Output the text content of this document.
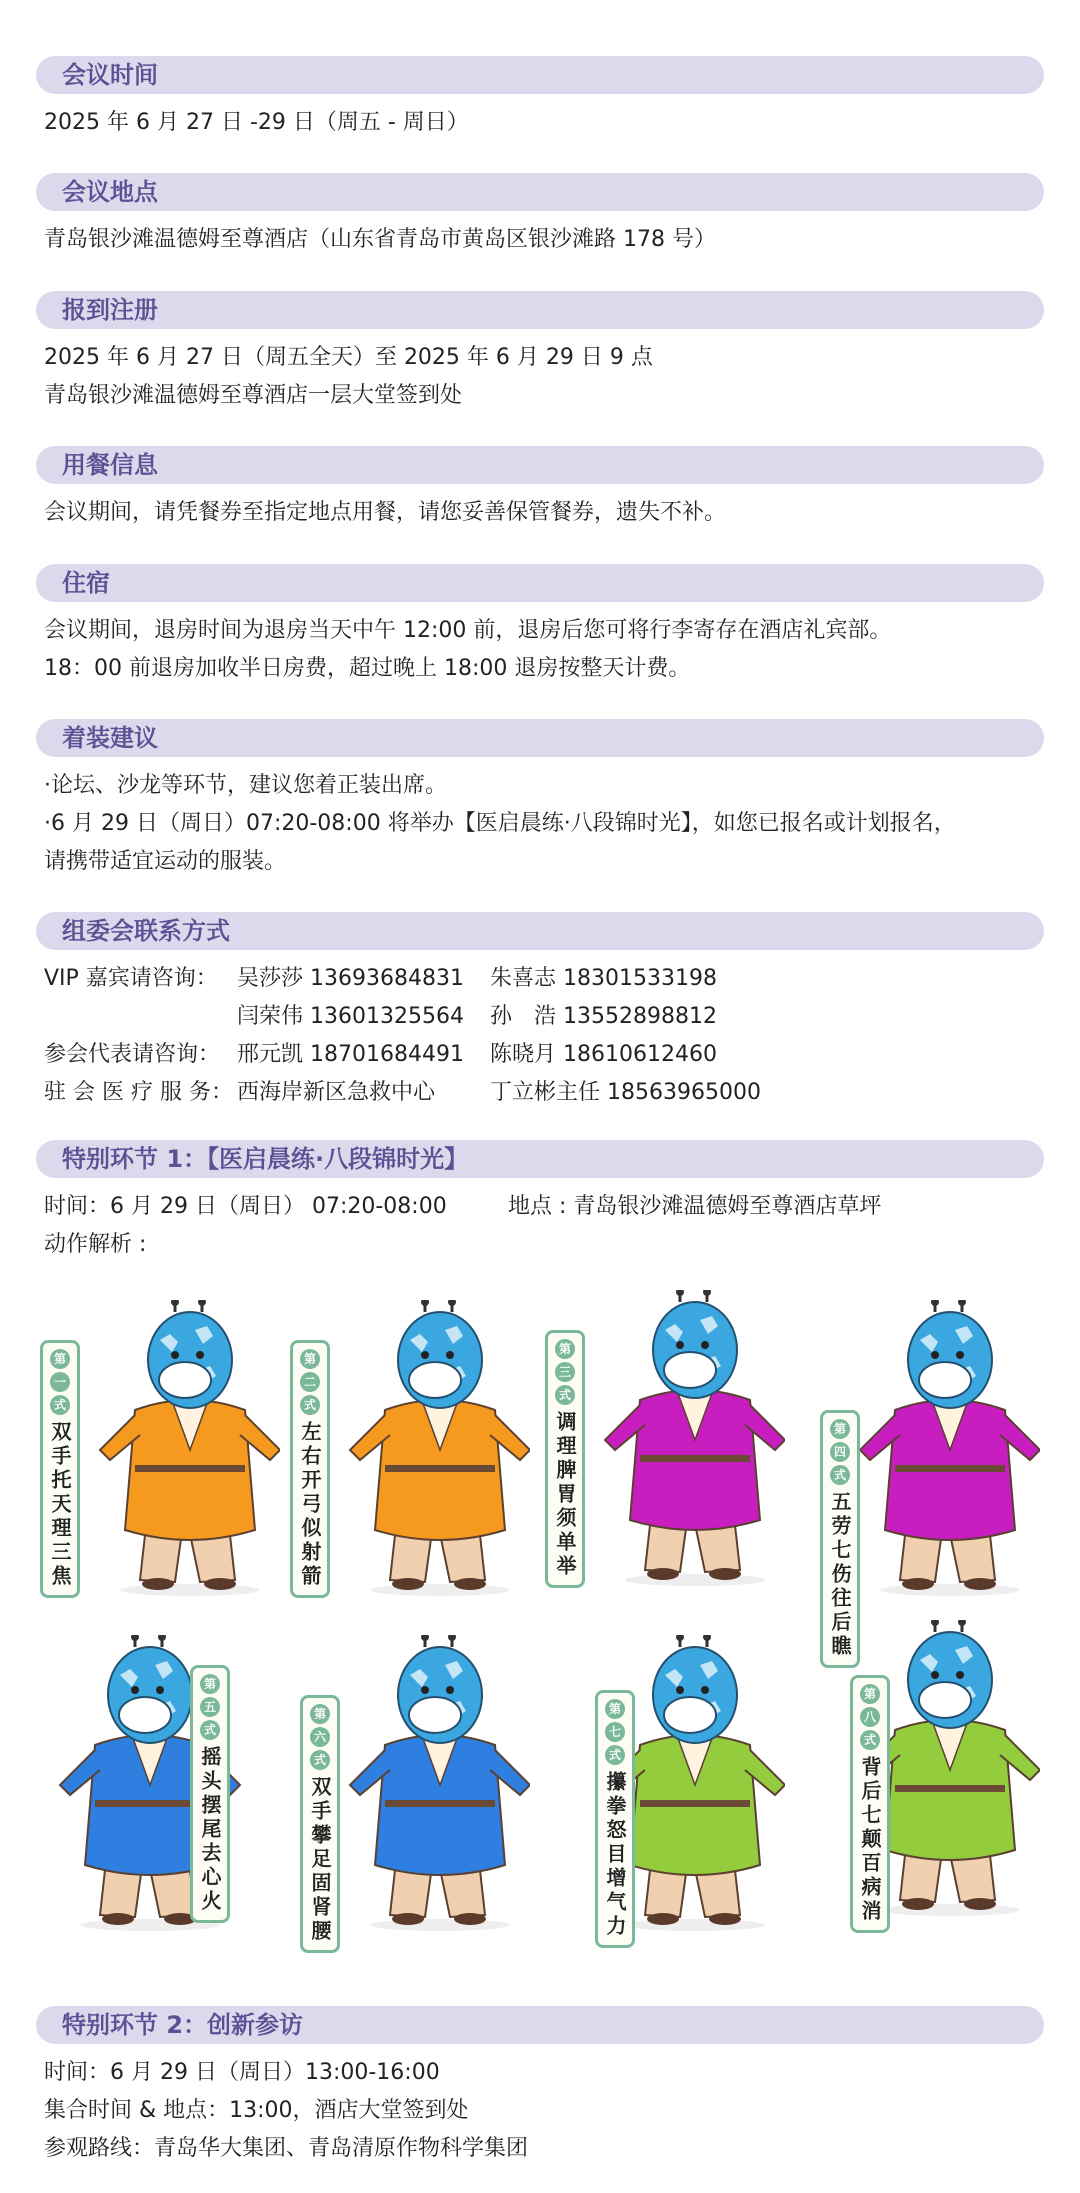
会议时间
2025 年 6 月 27 日 -29 日（周五 - 周日）
会议地点
青岛银沙滩温德姆至尊酒店（山东省青岛市黄岛区银沙滩路 178 号）
报到注册
2025 年 6 月 27 日（周五全天）至 2025 年 6 月 29 日 9 点
青岛银沙滩温德姆至尊酒店一层大堂签到处
用餐信息
会议期间，请凭餐券至指定地点用餐，请您妥善保管餐券，遗失不补。
住宿
会议期间，退房时间为退房当天中午 12:00 前，退房后您可将行李寄存在酒店礼宾部。
18：00 前退房加收半日房费，超过晚上 18:00 退房按整天计费。
着装建议
·论坛、沙龙等环节，建议您着正装出席。
·6 月 29 日（周日）07:20-08:00 将举办【医启晨练·八段锦时光】，如您已报名或计划报名，
请携带适宜运动的服装。
组委会联系方式
VIP 嘉宾请咨询： 吴莎莎 13693684831 朱喜志 18301533198
闫荣伟 13601325564 孙　浩 13552898812
参会代表请咨询： 邢元凯 18701684491 陈晓月 18610612460
驻 会 医 疗 服 务： 西海岸新区急救中心 丁立彬主任 18563965000
特别环节 1：【医启晨练·八段锦时光】
时间：6 月 29 日（周日） 07:20-08:00	地点 : 青岛银沙滩温德姆至尊酒店草坪
动作解析 :
第
一
式
双手托天理三焦
第
二
式
左右开弓似射箭
第
三
式
调理脾胃须单举	第
四
式
五劳七伤往后瞧
第
五
式
摇头摆尾去心火
第
六
式
双手攀足固肾腰
第
七
式
攥拳怒目增气力
第
八
式
背后七颠百病消
特别环节 2：创新参访
时间：6 月 29 日（周日）13:00-16:00
集合时间 & 地点：13:00，酒店大堂签到处
参观路线：青岛华大集团、青岛清原作物科学集团
